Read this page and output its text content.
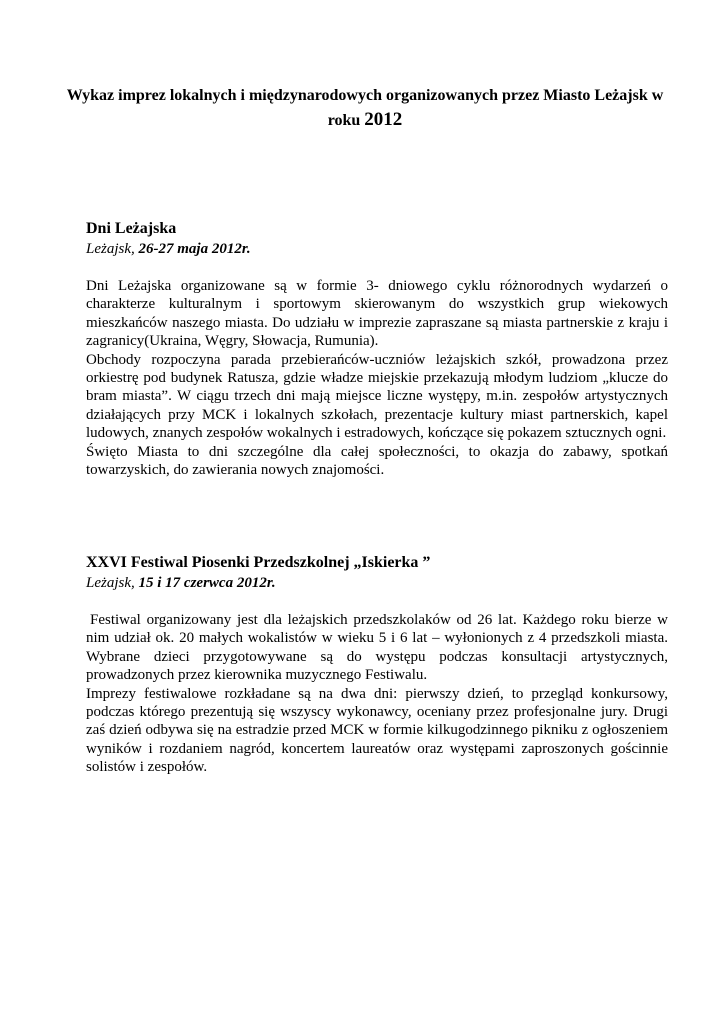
Wykaz imprez lokalnych i międzynarodowych organizowanych przez Miasto Leżajsk w roku 2012
Dni Leżajska
Leżajsk, 26-27 maja 2012r.

Dni Leżajska organizowane są w formie 3- dniowego cyklu różnorodnych wydarzeń o charakterze kulturalnym i sportowym skierowanym do wszystkich grup wiekowych mieszkańców naszego miasta. Do udziału w imprezie zapraszane są miasta partnerskie z kraju i zagranicy(Ukraina, Węgry, Słowacja, Rumunia).

Obchody rozpoczyna parada przebierańców-uczniów leżajskich szkół, prowadzona przez orkiestrę pod budynek Ratusza, gdzie władze miejskie przekazują młodym ludziom „klucze do bram miasta”. W ciągu trzech dni mają miejsce liczne występy, m.in. zespołów artystycznych działających przy MCK i lokalnych szkołach, prezentacje kultury miast partnerskich, kapel ludowych, znanych zespołów wokalnych i estradowych, kończące się pokazem sztucznych ogni.

Święto Miasta to dni szczególne dla całej społeczności, to okazja do zabawy, spotkań towarzyskich, do zawierania nowych znajomości.

XXVI Festiwal Piosenki Przedszkolnej „Iskierka ”
Leżajsk, 15 i 17 czerwca 2012r.

Festiwal organizowany jest dla leżajskich przedszkolaków od 26 lat. Każdego roku bierze w nim udział ok. 20 małych wokalistów w wieku 5 i 6 lat – wyłonionych z 4 przedszkoli miasta. Wybrane dzieci przygotowywane są do występu podczas konsultacji artystycznych, prowadzonych przez kierownika muzycznego Festiwalu.

Imprezy festiwalowe rozkładane są na dwa dni: pierwszy dzień, to przegląd konkursowy, podczas którego prezentują się wszyscy wykonawcy, oceniany przez profesjonalne jury. Drugi zaś dzień odbywa się na estradzie przed MCK w formie kilkugodzinnego pikniku z ogłoszeniem wyników i rozdaniem nagród, koncertem laureatów oraz występami zaproszonych gościnnie solistów i zespołów.
